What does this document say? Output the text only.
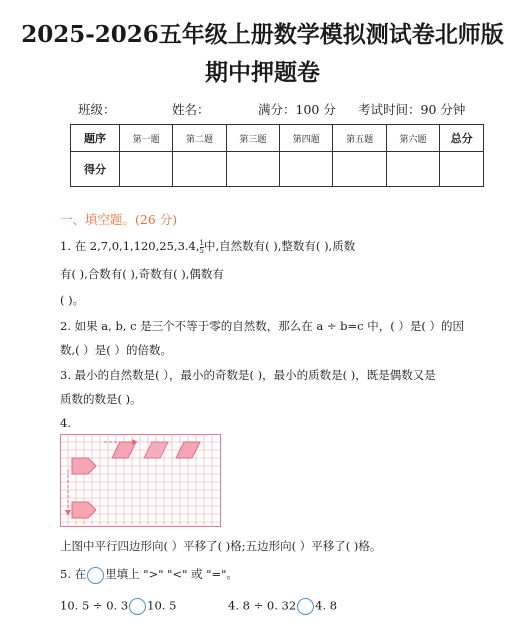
2025-2026五年级上册数学模拟测试卷北师版
期中押题卷
班级：	姓名：	满分：100 分 考试时间：90 分钟
题序	第一题	第二题	第三题	第四题	第五题	第六题	总分
得分							
一、填空题。(26 分)
1. 在 2,7,0,1,120,25,3.4, $\frac{1}{5}$ 中,自然数有( ),整数有( ),质数
有( ),合数有( ),奇数有( ),偶数有
( )。
2. 如果 a, b, c 是三个不等于零的自然数，那么在 a ÷ b=c 中，( ）是( ）的因
数,( ）是( ）的倍数。
3. 最小的自然数是( ），最小的奇数是( )，最小的质数是( )，既是偶数又是
质数的数是( )。
4.
上图中平行四边形向( ）平移了( )格;五边形向( ）平移了( )格。
5. 在 里填上 ">" "<" 或 "="。
10. 5 ÷ 0. 3 10. 5	4. 8 ÷ 0. 32 4. 8
